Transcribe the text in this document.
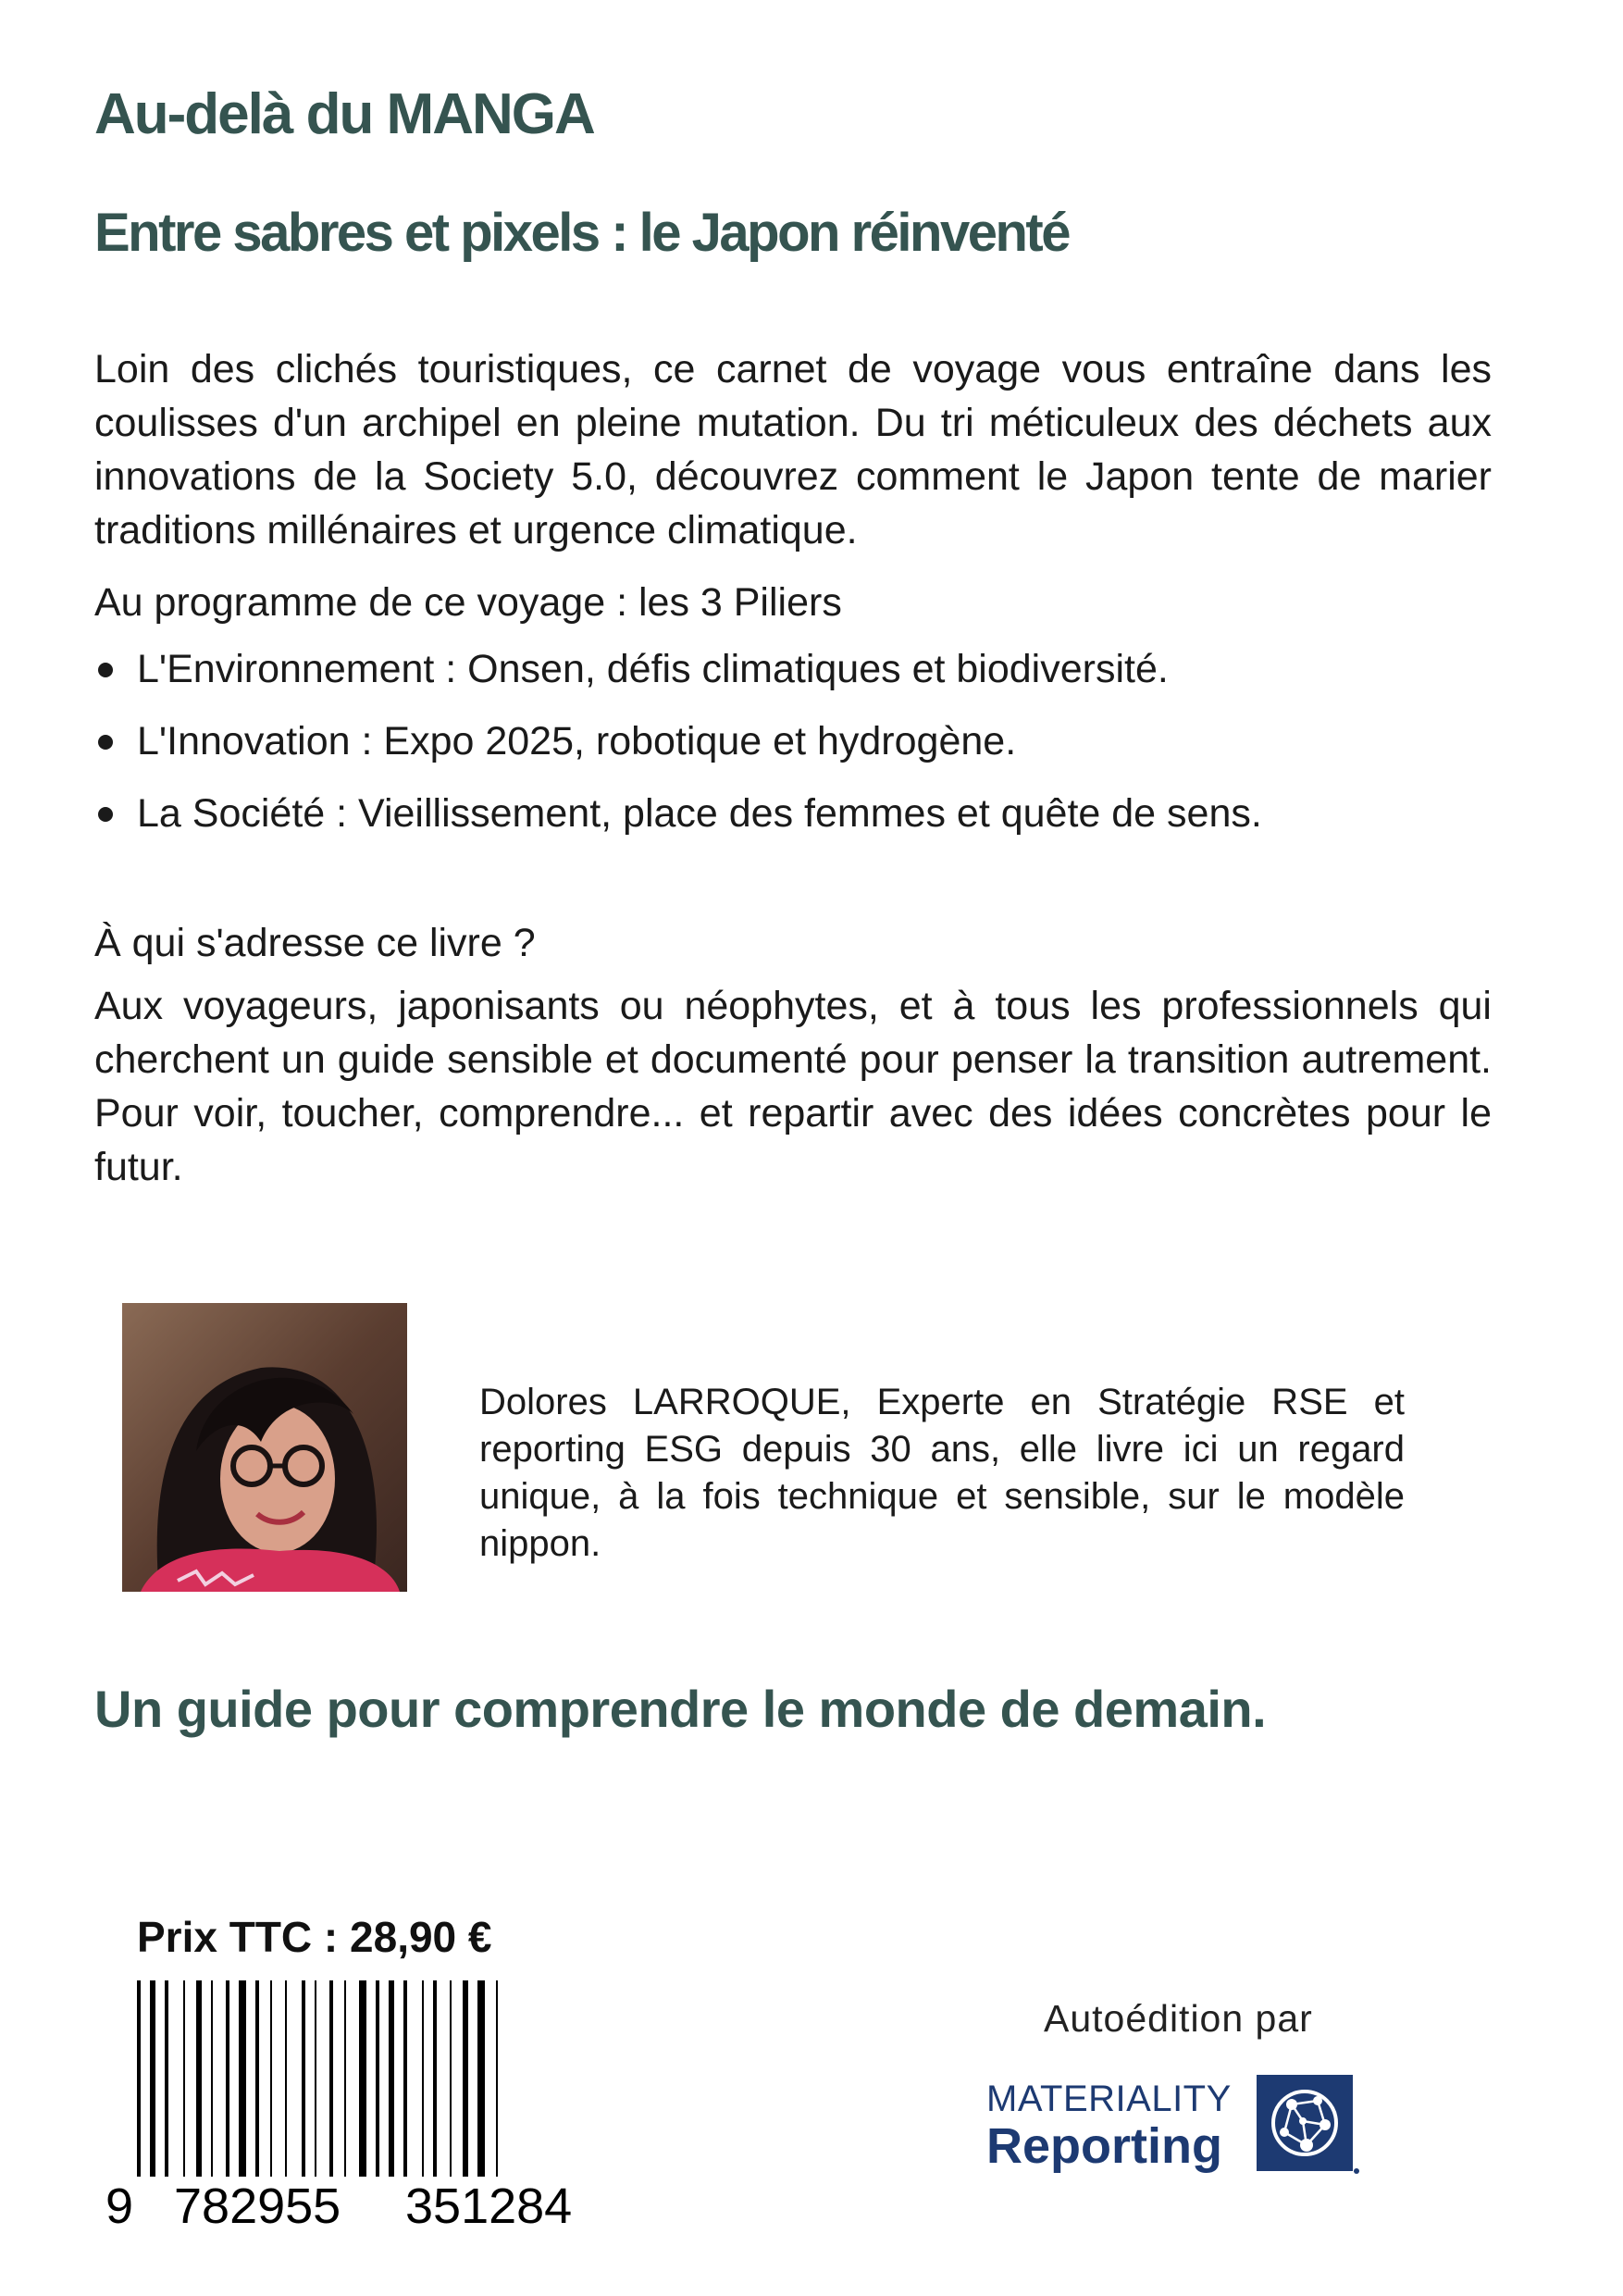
Au-delà du MANGA
Entre sabres et pixels : le Japon réinventé

Loin des clichés touristiques, ce carnet de voyage vous entraîne dans les coulisses d'un archipel en pleine mutation. Du tri méticuleux des déchets aux innovations de la Society 5.0, découvrez comment le Japon tente de marier traditions millénaires et urgence climatique.

Au programme de ce voyage : les 3 Piliers

L'Environnement : Onsen, défis climatiques et biodiversité.
L'Innovation : Expo 2025, robotique et hydrogène.
La Société : Vieillissement, place des femmes et quête de sens.

À qui s'adresse ce livre ?

Aux voyageurs, japonisants ou néophytes, et à tous les professionnels qui cherchent un guide sensible et documenté pour penser la transition autrement. Pour voir, toucher, comprendre... et repartir avec des idées concrètes pour le futur.

Dolores LARROQUE, Experte en Stratégie RSE et reporting ESG depuis 30 ans, elle livre ici un regard unique, à la fois technique et sensible, sur le modèle nippon.

Un guide pour comprendre le monde de demain.

Prix TTC : 28,90 €
9 782955 351284
Autoédition par
MATERIALITY
Reporting
